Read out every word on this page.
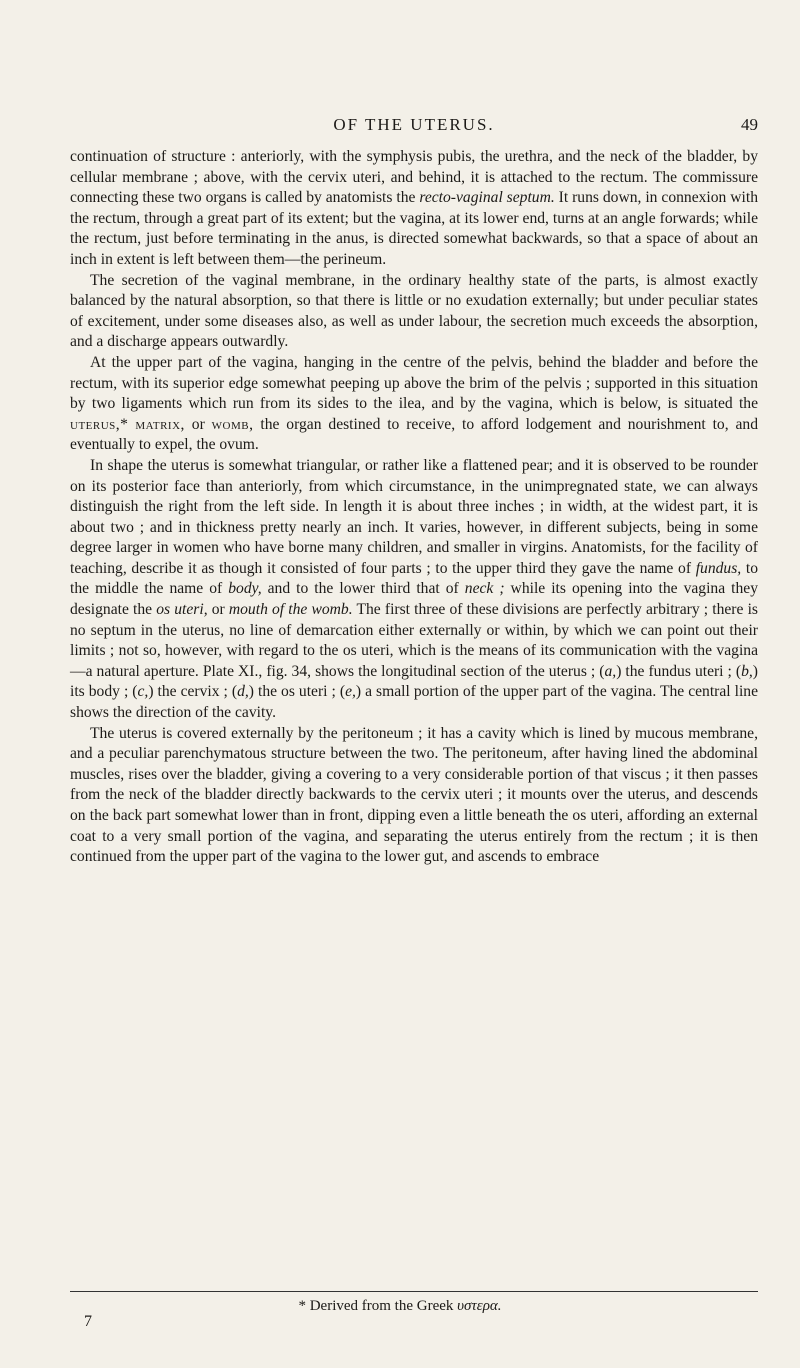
OF THE UTERUS.	49

continuation of structure : anteriorly, with the symphysis pubis, the urethra, and the neck of the bladder, by cellular membrane ; above, with the cervix uteri, and behind, it is attached to the rectum. The commissure connecting these two organs is called by anatomists the recto-vaginal septum. It runs down, in connexion with the rectum, through a great part of its extent; but the vagina, at its lower end, turns at an angle forwards; while the rectum, just before terminating in the anus, is directed somewhat backwards, so that a space of about an inch in extent is left between them—the perineum.

The secretion of the vaginal membrane, in the ordinary healthy state of the parts, is almost exactly balanced by the natural absorption, so that there is little or no exudation externally; but under peculiar states of excitement, under some diseases also, as well as under labour, the secretion much exceeds the absorption, and a discharge appears outwardly.

At the upper part of the vagina, hanging in the centre of the pelvis, behind the bladder and before the rectum, with its superior edge somewhat peeping up above the brim of the pelvis ; supported in this situation by two ligaments which run from its sides to the ilea, and by the vagina, which is below, is situated the uterus,* matrix, or womb, the organ destined to receive, to afford lodgement and nourishment to, and eventually to expel, the ovum.

In shape the uterus is somewhat triangular, or rather like a flattened pear; and it is observed to be rounder on its posterior face than anteriorly, from which circumstance, in the unimpregnated state, we can always distinguish the right from the left side. In length it is about three inches ; in width, at the widest part, it is about two ; and in thickness pretty nearly an inch. It varies, however, in different subjects, being in some degree larger in women who have borne many children, and smaller in virgins. Anatomists, for the facility of teaching, describe it as though it consisted of four parts ; to the upper third they gave the name of fundus, to the middle the name of body, and to the lower third that of neck ; while its opening into the vagina they designate the os uteri, or mouth of the womb. The first three of these divisions are perfectly arbitrary ; there is no septum in the uterus, no line of demarcation either externally or within, by which we can point out their limits ; not so, however, with regard to the os uteri, which is the means of its communication with the vagina—a natural aperture. Plate XI., fig. 34, shows the longitudinal section of the uterus ; (a,) the fundus uteri ; (b,) its body ; (c,) the cervix ; (d,) the os uteri ; (e,) a small portion of the upper part of the vagina. The central line shows the direction of the cavity.

The uterus is covered externally by the peritoneum ; it has a cavity which is lined by mucous membrane, and a peculiar parenchymatous structure between the two. The peritoneum, after having lined the abdominal muscles, rises over the bladder, giving a covering to a very considerable portion of that viscus ; it then passes from the neck of the bladder directly backwards to the cervix uteri ; it mounts over the uterus, and descends on the back part somewhat lower than in front, dipping even a little beneath the os uteri, affording an external coat to a very small portion of the vagina, and separating the uterus entirely from the rectum ; it is then continued from the upper part of the vagina to the lower gut, and ascends to embrace

* Derived from the Greek υστερα.
7
